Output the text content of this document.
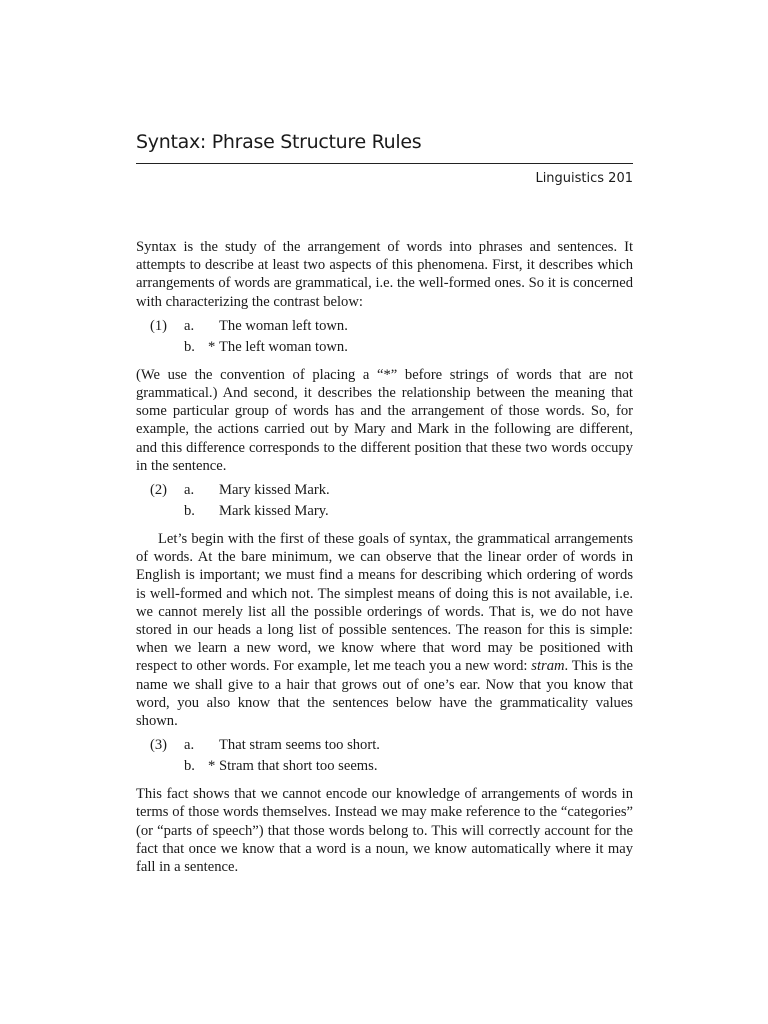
Syntax: Phrase Structure Rules
Linguistics 201

Syntax is the study of the arrangement of words into phrases and sentences. It attempts to describe at least two aspects of this phenomena. First, it describes which arrangements of words are grammatical, i.e. the well-formed ones. So it is concerned with characterizing the contrast below:

(1) a. The woman left town.
b. * The left woman town.

(We use the convention of placing a “*” before strings of words that are not grammatical.) And second, it describes the relationship between the meaning that some particular group of words has and the arrangement of those words. So, for example, the actions carried out by Mary and Mark in the following are different, and this difference corresponds to the different position that these two words occupy in the sentence.

(2) a. Mary kissed Mark.
b. Mark kissed Mary.

Let’s begin with the first of these goals of syntax, the grammatical arrangements of words. At the bare minimum, we can observe that the linear order of words in English is important; we must find a means for describing which ordering of words is well-formed and which not. The simplest means of doing this is not available, i.e. we cannot merely list all the possible orderings of words. That is, we do not have stored in our heads a long list of possible sentences. The reason for this is simple: when we learn a new word, we know where that word may be positioned with respect to other words. For example, let me teach you a new word: stram. This is the name we shall give to a hair that grows out of one’s ear. Now that you know that word, you also know that the sentences below have the grammaticality values shown.

(3) a. That stram seems too short.
b. * Stram that short too seems.

This fact shows that we cannot encode our knowledge of arrangements of words in terms of those words themselves. Instead we may make reference to the “categories” (or “parts of speech”) that those words belong to. This will correctly account for the fact that once we know that a word is a noun, we know automatically where it may fall in a sentence.
